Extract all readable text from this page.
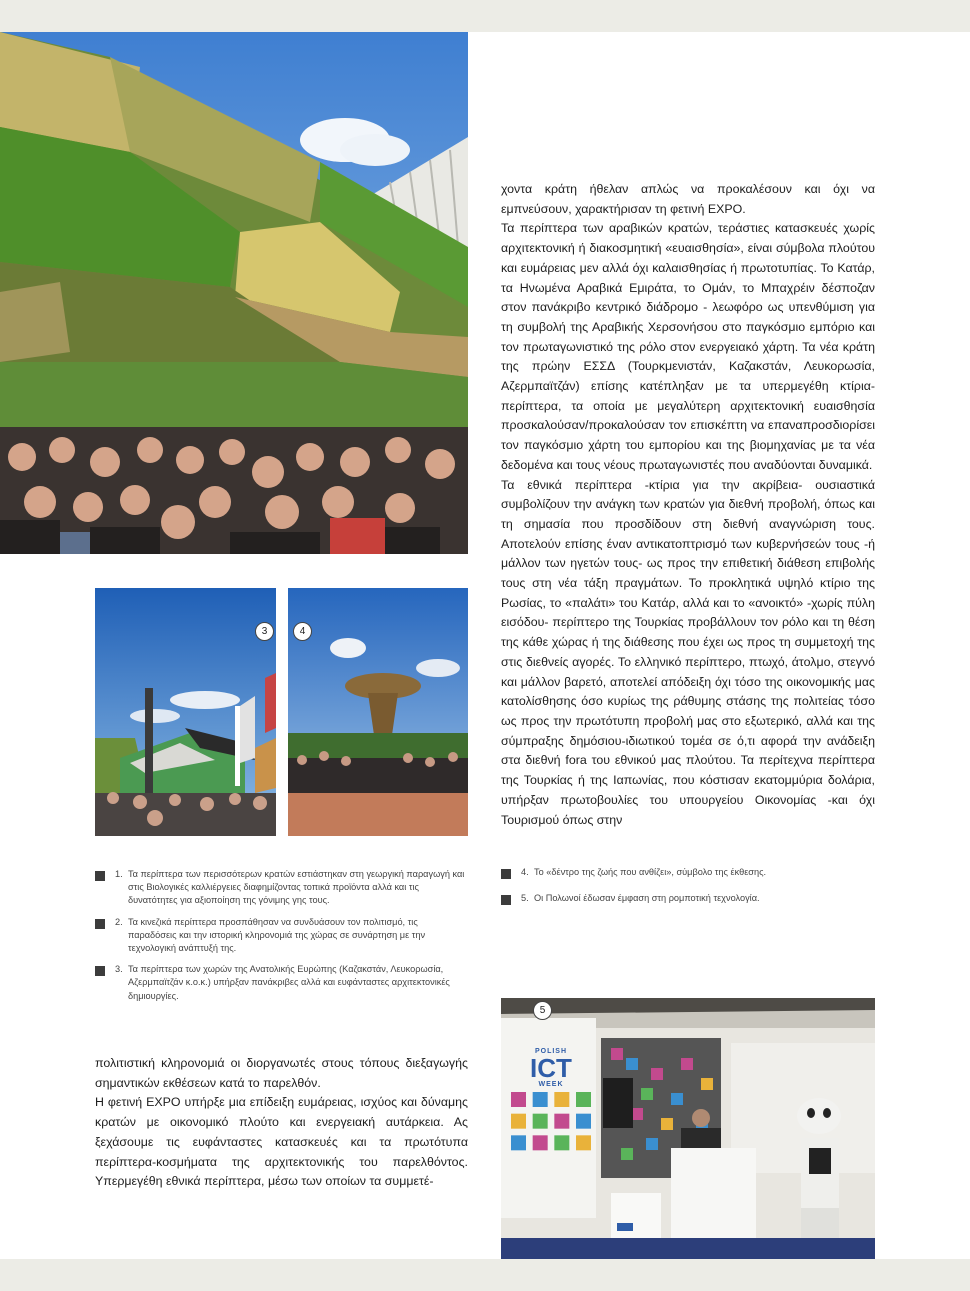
POLISH
ICT
WEEK
3	4
5

χοντα κράτη ήθελαν απλώς να προκαλέσουν και όχι να εμπνεύσουν, χαρακτήρισαν τη φετινή EXPO.

Τα περίπτερα των αραβικών κρατών, τεράστιες κατασκευές χωρίς αρχιτεκτονική ή διακοσμητική «ευαισθησία», είναι σύμβολα πλούτου και ευμάρειας μεν αλλά όχι καλαισθησίας ή πρωτοτυπίας. Το Κατάρ, τα Ηνωμένα Αραβικά Εμιράτα, το Ομάν, το Μπαχρέιν δέσποζαν στον πανάκριβο κεντρικό διάδρομο - λεωφόρο ως υπενθύμιση για τη συμβολή της Αραβικής Χερσονήσου στο παγκόσμιο εμπόριο και τον πρωταγωνιστικό της ρόλο στον ενεργειακό χάρτη. Τα νέα κράτη της πρώην ΕΣΣΔ (Τουρκμενιστάν, Καζακστάν, Λευκορωσία, Αζερμπαϊτζάν) επίσης κατέπληξαν με τα υπερμεγέθη κτίρια-περίπτερα, τα οποία με μεγαλύτερη αρχιτεκτονική ευαισθησία προσκαλούσαν/προκαλούσαν τον επισκέπτη να επαναπροσδιορίσει τον παγκόσμιο χάρτη του εμπορίου και της βιομηχανίας με τα νέα δεδομένα και τους νέους πρωταγωνιστές που αναδύονται δυναμικά.

Τα εθνικά περίπτερα -κτίρια για την ακρίβεια- ουσιαστικά συμβολίζουν την ανάγκη των κρατών για διεθνή προβολή, όπως και τη σημασία που προσδίδουν στη διεθνή αναγνώριση τους. Αποτελούν επίσης έναν αντικατοπτρισμό των κυβερνήσεών τους -ή μάλλον των ηγετών τους- ως προς την επιθετική διάθεση επιβολής τους στη νέα τάξη πραγμάτων. Το προκλητικά υψηλό κτίριο της Ρωσίας, το «παλάτι» του Κατάρ, αλλά και το «ανοικτό» -χωρίς πύλη εισόδου- περίπτερο της Τουρκίας προβάλλουν τον ρόλο και τη θέση της κάθε χώρας ή της διάθεσης που έχει ως προς τη συμμετοχή της στις διεθνείς αγορές. Το ελληνικό περίπτερο, πτωχό, άτολμο, στεγνό και μάλλον βαρετό, αποτελεί απόδειξη όχι τόσο της οικονομικής μας κατολίσθησης όσο κυρίως της ράθυμης στάσης της πολιτείας τόσο ως προς την πρωτότυπη προβολή μας στο εξωτερικό, αλλά και της σύμπραξης δημόσιου-ιδιωτικού τομέα σε ό,τι αφορά την ανάδειξη στα διεθνή fora του εθνικού μας πλούτου. Τα περίτεχνα περίπτερα της Τουρκίας ή της Ιαπωνίας, που κόστισαν εκατομμύρια δολάρια, υπήρξαν πρωτοβουλίες του υπουργείου Οικονομίας -και όχι Τουρισμού όπως στην

1. Τα περίπτερα των περισσότερων κρατών εστιάστηκαν στη γεωργική παραγωγή και στις Βιολογικές καλλιέργειες διαφημίζοντας τοπικά προϊόντα αλλά και τις δυνατότητες για αξιοποίηση της γόνιμης γης τους.
2. Τα κινεζικά περίπτερα προσπάθησαν να συνδυάσουν τον πολιτισμό, τις παραδόσεις και την ιστορική κληρονομιά της χώρας σε συνάρτηση με την τεχνολογική ανάπτυξή της.
3. Τα περίπτερα των χωρών της Ανατολικής Ευρώπης (Καζακστάν, Λευκορωσία, Αζερμπαϊτζάν κ.ο.κ.) υπήρξαν πανάκριβες αλλά και ευφάνταστες αρχιτεκτονικές δημιουργίες.
4. Το «δέντρο της ζωής που ανθίζει», σύμβολο της έκθεσης.
5. Οι Πολωνοί έδωσαν έμφαση στη ρομποτική τεχνολογία.

πολιτιστική κληρονομιά οι διοργανωτές στους τόπους διεξαγωγής σημαντικών εκθέσεων κατά το παρελθόν.

Η φετινή EXPO υπήρξε μια επίδειξη ευμάρειας, ισχύος και δύναμης κρατών με οικονομικό πλούτο και ενεργειακή αυτάρκεια. Ας ξεχάσουμε τις ευφάνταστες κατασκευές και τα πρωτότυπα περίπτερα-κοσμήματα της αρχιτεκτονικής του παρελθόντος. Υπερμεγέθη εθνικά περίπτερα, μέσω των οποίων τα συμμετέ-
